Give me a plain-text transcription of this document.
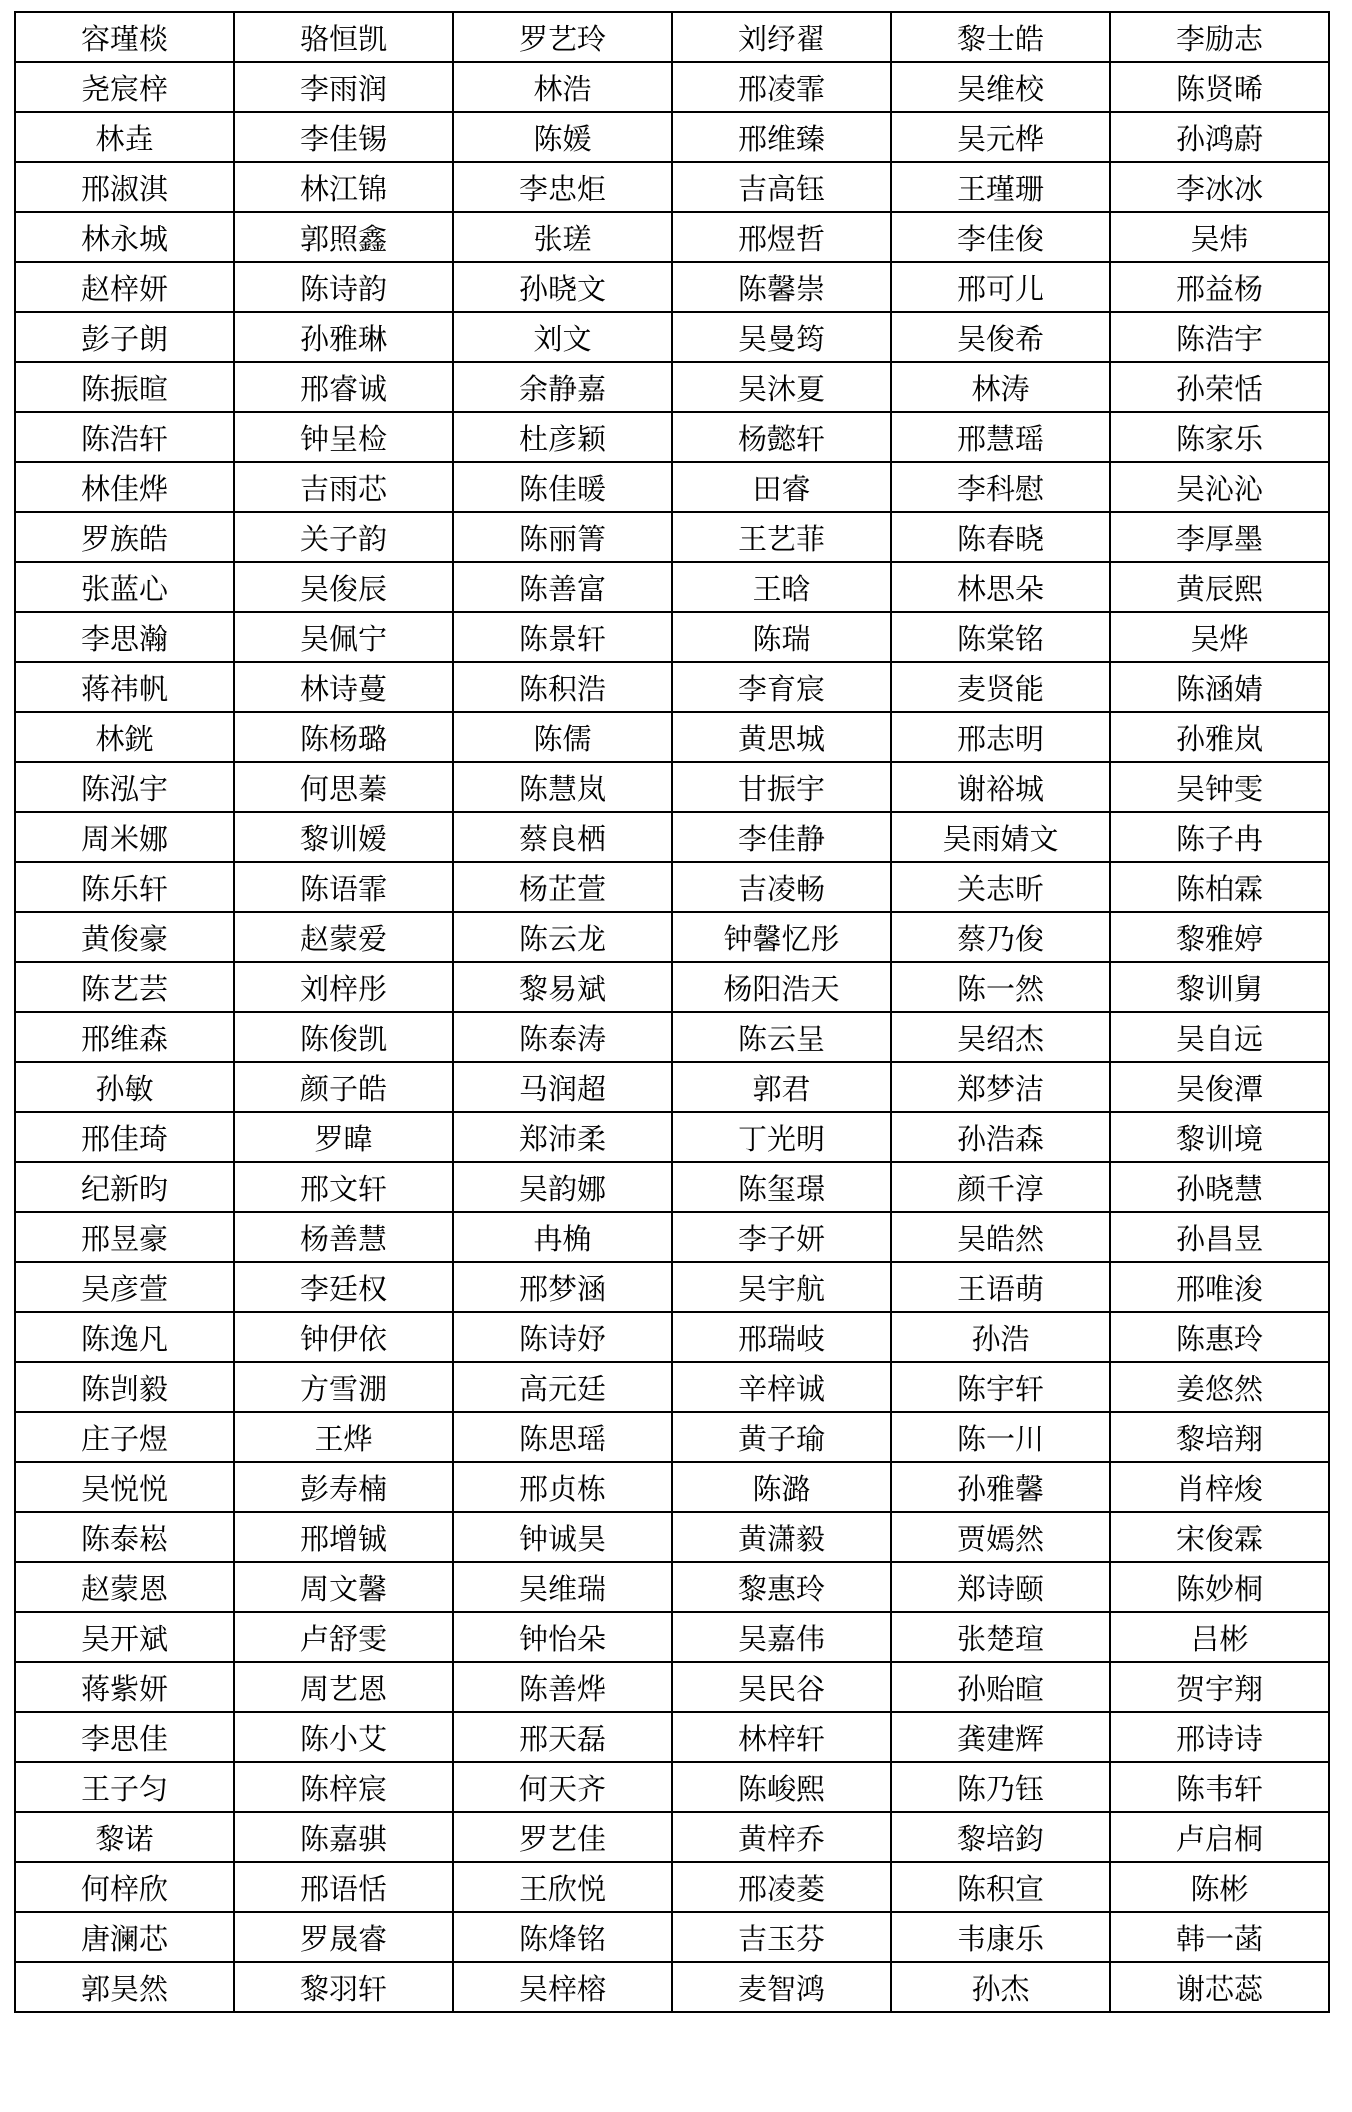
容瑾棪	骆恒凯	罗艺玲	刘纾翟	黎士皓	李励志
尧宸梓	李雨润	林浩	邢凌霏	吴维校	陈贤晞
林垚	李佳锡	陈媛	邢维臻	吴元桦	孙鸿蔚
邢淑淇	林江锦	李忠炬	吉高钰	王瑾珊	李冰冰
林永城	郭照鑫	张瑳	邢煜哲	李佳俊	吴炜
赵梓妍	陈诗韵	孙晓文	陈馨崇	邢可儿	邢益杨
彭子朗	孙雅琳	刘文	吴曼筠	吴俊希	陈浩宇
陈振暄	邢睿诚	余静嘉	吴沐夏	林涛	孙荣恬
陈浩轩	钟呈检	杜彦颖	杨懿轩	邢慧瑶	陈家乐
林佳烨	吉雨芯	陈佳暖	田睿	李科慰	吴沁沁
罗族皓	关子韵	陈丽箐	王艺菲	陈春晓	李厚墨
张蓝心	吴俊辰	陈善富	王晗	林思朵	黄辰熙
李思瀚	吴佩宁	陈景轩	陈瑞	陈棠铭	吴烨
蒋祎帆	林诗蔓	陈积浩	李育宸	麦贤能	陈涵婧
林銧	陈杨璐	陈儒	黄思城	邢志明	孙雅岚
陈泓宇	何思蓁	陈慧岚	甘振宇	谢裕城	吴钟雯
周米娜	黎训嫒	蔡良栖	李佳静	吴雨婧文	陈子冉
陈乐轩	陈语霏	杨芷萱	吉凌畅	关志昕	陈柏霖
黄俊豪	赵蒙爱	陈云龙	钟馨忆彤	蔡乃俊	黎雅婷
陈艺芸	刘梓彤	黎易斌	杨阳浩天	陈一然	黎训舅
邢维森	陈俊凯	陈泰涛	陈云呈	吴绍杰	吴自远
孙敏	颜子皓	马润超	郭君	郑梦洁	吴俊潭
邢佳琦	罗暐	郑沛柔	丁光明	孙浩森	黎训境
纪新昀	邢文轩	吴韵娜	陈玺璟	颜千淳	孙晓慧
邢昱豪	杨善慧	冉桷	李子妍	吴皓然	孙昌昱
吴彦萱	李廷权	邢梦涵	吴宇航	王语萌	邢唯浚
陈逸凡	钟伊依	陈诗妤	邢瑞岐	孙浩	陈惠玲
陈剀毅	方雪淜	高元廷	辛梓诚	陈宇轩	姜悠然
庄子煜	王烨	陈思瑶	黄子瑜	陈一川	黎培翔
吴悦悦	彭寿楠	邢贞栋	陈潞	孙雅馨	肖梓焌
陈泰崧	邢增铖	钟诚昊	黄潇毅	贾嫣然	宋俊霖
赵蒙恩	周文馨	吴维瑞	黎惠玲	郑诗颐	陈妙桐
吴开斌	卢舒雯	钟怡朵	吴嘉伟	张楚瑄	吕彬
蒋紫妍	周艺恩	陈善烨	吴民谷	孙贻暄	贺宇翔
李思佳	陈小艾	邢天磊	林梓轩	龚建辉	邢诗诗
王子匀	陈梓宸	何天齐	陈峻熙	陈乃钰	陈韦轩
黎诺	陈嘉骐	罗艺佳	黄梓乔	黎培鈞	卢启桐
何梓欣	邢语恬	王欣悦	邢凌菱	陈积宣	陈彬
唐澜芯	罗晟睿	陈烽铭	吉玉芬	韦康乐	韩一菡
郭昊然	黎羽轩	吴梓榕	麦智鸿	孙杰	谢芯蕊
